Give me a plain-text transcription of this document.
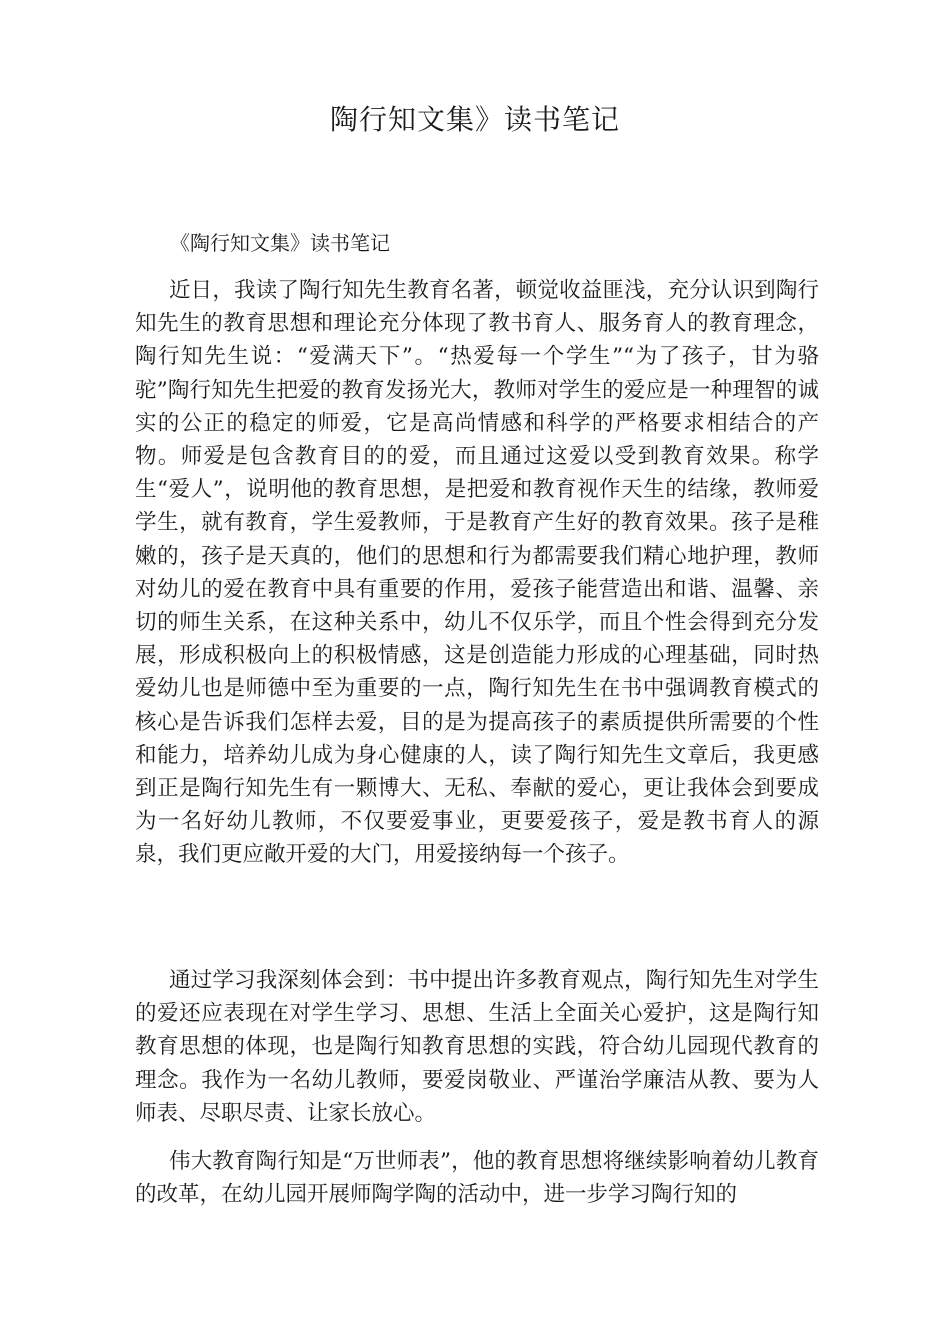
陶行知文集》读书笔记

《陶行知文集》读书笔记

近日，我读了陶行知先生教育名著，顿觉收益匪浅，充分认识到陶行知先生的教育思想和理论充分体现了教书育人、服务育人的教育理念，陶行知先生说：“爱满天下”。“热爱每一个学生”“为了孩子，甘为骆驼”陶行知先生把爱的教育发扬光大，教师对学生的爱应是一种理智的诚实的公正的稳定的师爱，它是高尚情感和科学的严格要求相结合的产物。师爱是包含教育目的的爱，而且通过这爱以受到教育效果。称学生“爱人”，说明他的教育思想，是把爱和教育视作天生的结缘，教师爱学生，就有教育，学生爱教师，于是教育产生好的教育效果。孩子是稚嫩的，孩子是天真的，他们的思想和行为都需要我们精心地护理，教师对幼儿的爱在教育中具有重要的作用，爱孩子能营造出和谐、温馨、亲切的师生关系，在这种关系中，幼儿不仅乐学，而且个性会得到充分发展，形成积极向上的积极情感，这是创造能力形成的心理基础，同时热爱幼儿也是师德中至为重要的一点，陶行知先生在书中强调教育模式的核心是告诉我们怎样去爱，目的是为提高孩子的素质提供所需要的个性和能力，培养幼儿成为身心健康的人，读了陶行知先生文章后，我更感到正是陶行知先生有一颗博大、无私、奉献的爱心，更让我体会到要成为一名好幼儿教师，不仅要爱事业，更要爱孩子，爱是教书育人的源泉，我们更应敞开爱的大门，用爱接纳每一个孩子。

通过学习我深刻体会到：书中提出许多教育观点，陶行知先生对学生的爱还应表现在对学生学习、思想、生活上全面关心爱护，这是陶行知教育思想的体现，也是陶行知教育思想的实践，符合幼儿园现代教育的理念。我作为一名幼儿教师，要爱岗敬业、严谨治学廉洁从教、要为人师表、尽职尽责、让家长放心。

伟大教育陶行知是“万世师表”，他的教育思想将继续影响着幼儿教育的改革，在幼儿园开展师陶学陶的活动中，进一步学习陶行知的
